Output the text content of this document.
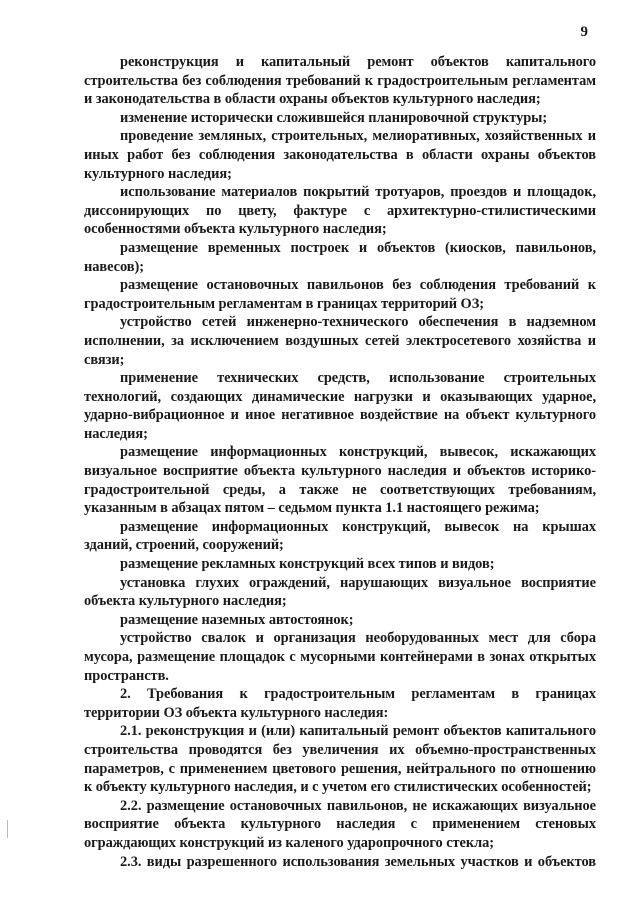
9

реконструкция и капитальный ремонт объектов капитального строительства без соблюдения требований к градостроительным регламентам и законодательства в области охраны объектов культурного наследия;

изменение исторически сложившейся планировочной структуры;

проведение земляных, строительных, мелиоративных, хозяйственных и иных работ без соблюдения законодательства в области охраны объектов культурного наследия;

использование материалов покрытий тротуаров, проездов и площадок, диссонирующих по цвету, фактуре с архитектурно-стилистическими особенностями объекта культурного наследия;

размещение временных построек и объектов (киосков, павильонов, навесов);

размещение остановочных павильонов без соблюдения требований к градостроительным регламентам в границах территорий ОЗ;

устройство сетей инженерно-технического обеспечения в надземном исполнении, за исключением воздушных сетей электросетевого хозяйства и связи;

применение технических средств, использование строительных технологий, создающих динамические нагрузки и оказывающих ударное, ударно-вибрационное и иное негативное воздействие на объект культурного наследия;

размещение информационных конструкций, вывесок, искажающих визуальное восприятие объекта культурного наследия и объектов историко-градостроительной среды, а также не соответствующих требованиям, указанным в абзацах пятом – седьмом пункта 1.1 настоящего режима;

размещение информационных конструкций, вывесок на крышах зданий, строений, сооружений;

размещение рекламных конструкций всех типов и видов;

установка глухих ограждений, нарушающих визуальное восприятие объекта культурного наследия;

размещение наземных автостоянок;

устройство свалок и организация необорудованных мест для сбора мусора, размещение площадок с мусорными контейнерами в зонах открытых пространств.

2. Требования к градостроительным регламентам в границах территории ОЗ объекта культурного наследия:

2.1. реконструкция и (или) капитальный ремонт объектов капитального строительства проводятся без увеличения их объемно-пространственных параметров, с применением цветового решения, нейтрального по отношению к объекту культурного наследия, и с учетом его стилистических особенностей;

2.2. размещение остановочных павильонов, не искажающих визуальное восприятие объекта культурного наследия с применением стеновых ограждающих конструкций из каленого ударопрочного стекла;

2.3. виды разрешенного использования земельных участков и объектов
